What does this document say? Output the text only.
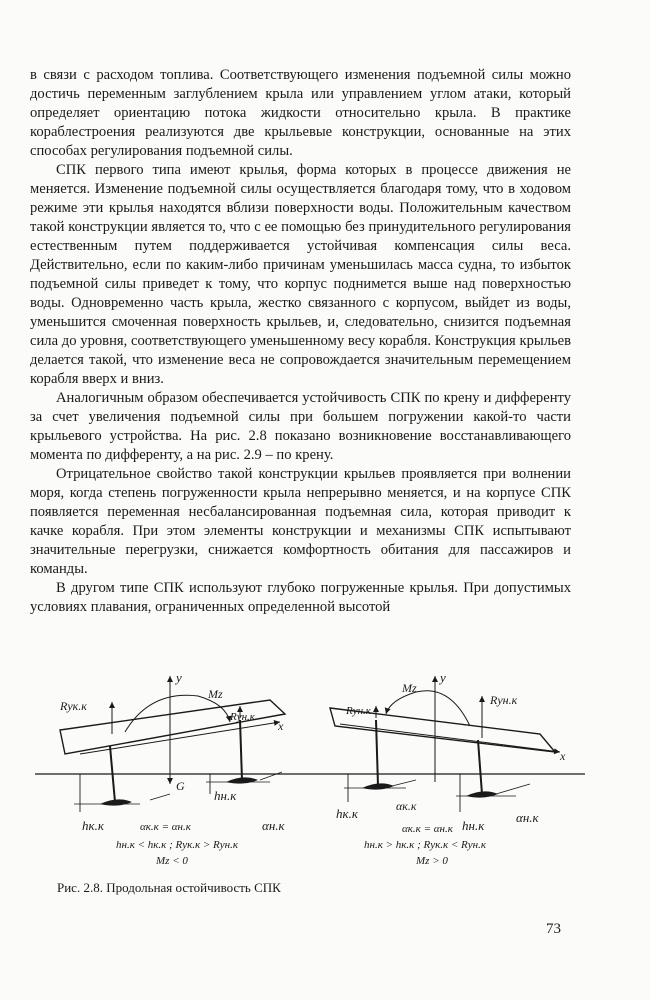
в связи с расходом топлива. Соответствующего изменения подъемной силы можно достичь переменным заглублением крыла или управлением углом атаки, который определяет ориентацию потока жидкости относительно крыла. В практике кораблестроения реализуются две крыльевые конструкции, основанные на этих способах регулирования подъемной силы.

СПК первого типа имеют крылья, форма которых в процессе движения не меняется. Изменение подъемной силы осуществляется благодаря тому, что в ходовом режиме эти крылья находятся вблизи поверхности воды. Положительным качеством такой конструкции является то, что с ее помощью без принудительного регулирования естественным путем поддерживается устойчивая компенсация силы веса. Действительно, если по каким-либо причинам уменьшилась масса судна, то избыток подъемной силы приведет к тому, что корпус поднимется выше над поверхностью воды. Одновременно часть крыла, жестко связанного с корпусом, выйдет из воды, уменьшится смоченная поверхность крыльев, и, следовательно, снизится подъемная сила до уровня, соответствующего уменьшенному весу корабля. Конструкция крыльев делается такой, что изменение веса не сопровождается значительным перемещением корабля вверх и вниз.

Аналогичным образом обеспечивается устойчивость СПК по крену и дифференту за счет увеличения подъемной силы при большем погружении какой-то части крыльевого устройства. На рис. 2.8 показано возникновение восстанавливающего момента по дифференту, а на рис. 2.9 – по крену.

Отрицательное свойство такой конструкции крыльев проявляется при волнении моря, когда степень погруженности крыла непрерывно меняется, и на корпусе СПК появляется переменная несбалансированная подъемная сила, которая приводит к качке корабля. При этом элементы конструкции и механизмы СПК испытывают значительные перегрузки, снижается комфортность обитания для пассажиров и команды.

В другом типе СПК используют глубоко погруженные крылья. При допустимых условиях плавания, ограниченных определенной высотой

y
x
Mz
Rук.к
Rун.к
G
hк.к
hн.к
αн.к
αк.к = αн.к
hн.к < hк.к ; Rук.к > Rун.к
Mz < 0
y
x
Mz
Rун.к
Rун.к
hк.к
hн.к
αк.к
αн.к
αк.к = αн.к
hн.к > hк.к ; Rук.к < Rун.к
Mz > 0
Рис. 2.8. Продольная остойчивость СПК
73
